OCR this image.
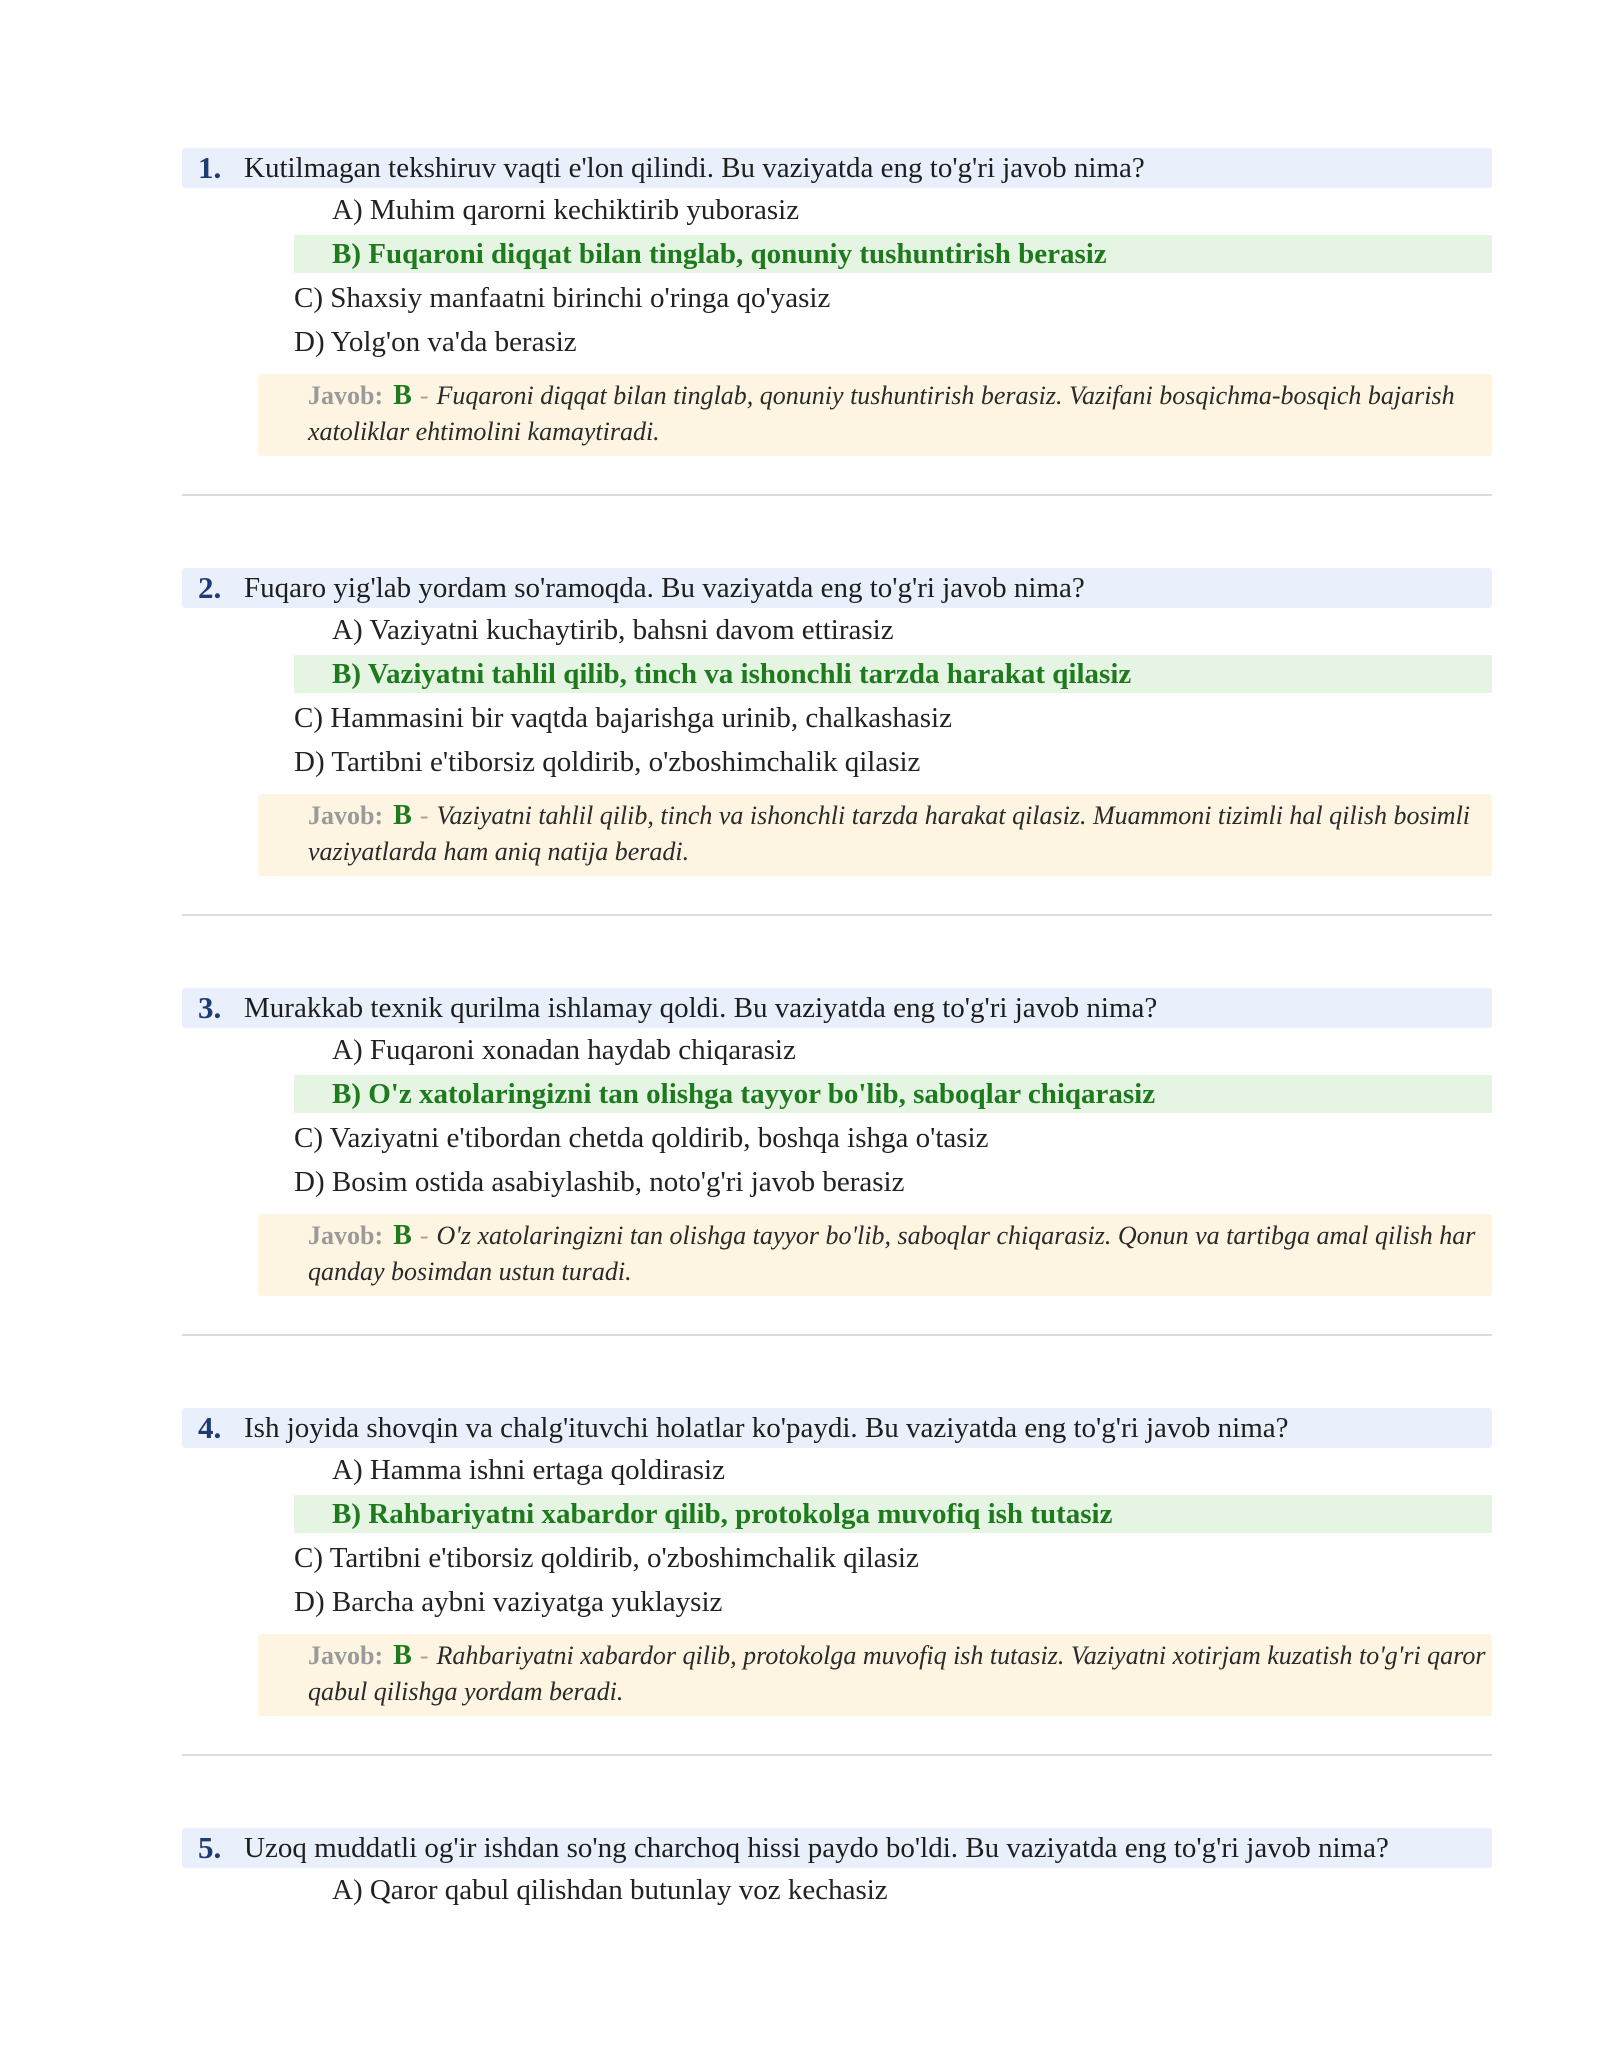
1. Kutilmagan tekshiruv vaqti e'lon qilindi. Bu vaziyatda eng to'g'ri javob nima?
A) Muhim qarorni kechiktirib yuborasiz
B) Fuqaroni diqqat bilan tinglab, qonuniy tushuntirish berasiz
C) Shaxsiy manfaatni birinchi o'ringa qo'yasiz
D) Yolg'on va'da berasiz
Javob: B - Fuqaroni diqqat bilan tinglab, qonuniy tushuntirish berasiz. Vazifani bosqichma-bosqich bajarish xatoliklar ehtimolini kamaytiradi.
2. Fuqaro yig'lab yordam so'ramoqda. Bu vaziyatda eng to'g'ri javob nima?
A) Vaziyatni kuchaytirib, bahsni davom ettirasiz
B) Vaziyatni tahlil qilib, tinch va ishonchli tarzda harakat qilasiz
C) Hammasini bir vaqtda bajarishga urinib, chalkashasiz
D) Tartibni e'tiborsiz qoldirib, o'zboshimchalik qilasiz
Javob: B - Vaziyatni tahlil qilib, tinch va ishonchli tarzda harakat qilasiz. Muammoni tizimli hal qilish bosimli vaziyatlarda ham aniq natija beradi.
3. Murakkab texnik qurilma ishlamay qoldi. Bu vaziyatda eng to'g'ri javob nima?
A) Fuqaroni xonadan haydab chiqarasiz
B) O'z xatolaringizni tan olishga tayyor bo'lib, saboqlar chiqarasiz
C) Vaziyatni e'tibordan chetda qoldirib, boshqa ishga o'tasiz
D) Bosim ostida asabiylashib, noto'g'ri javob berasiz
Javob: B - O'z xatolaringizni tan olishga tayyor bo'lib, saboqlar chiqarasiz. Qonun va tartibga amal qilish har qanday bosimdan ustun turadi.
4. Ish joyida shovqin va chalg'ituvchi holatlar ko'paydi. Bu vaziyatda eng to'g'ri javob nima?
A) Hamma ishni ertaga qoldirasiz
B) Rahbariyatni xabardor qilib, protokolga muvofiq ish tutasiz
C) Tartibni e'tiborsiz qoldirib, o'zboshimchalik qilasiz
D) Barcha aybni vaziyatga yuklaysiz
Javob: B - Rahbariyatni xabardor qilib, protokolga muvofiq ish tutasiz. Vaziyatni xotirjam kuzatish to'g'ri qaror qabul qilishga yordam beradi.
5. Uzoq muddatli og'ir ishdan so'ng charchoq hissi paydo bo'ldi. Bu vaziyatda eng to'g'ri javob nima?
A) Qaror qabul qilishdan butunlay voz kechasiz
